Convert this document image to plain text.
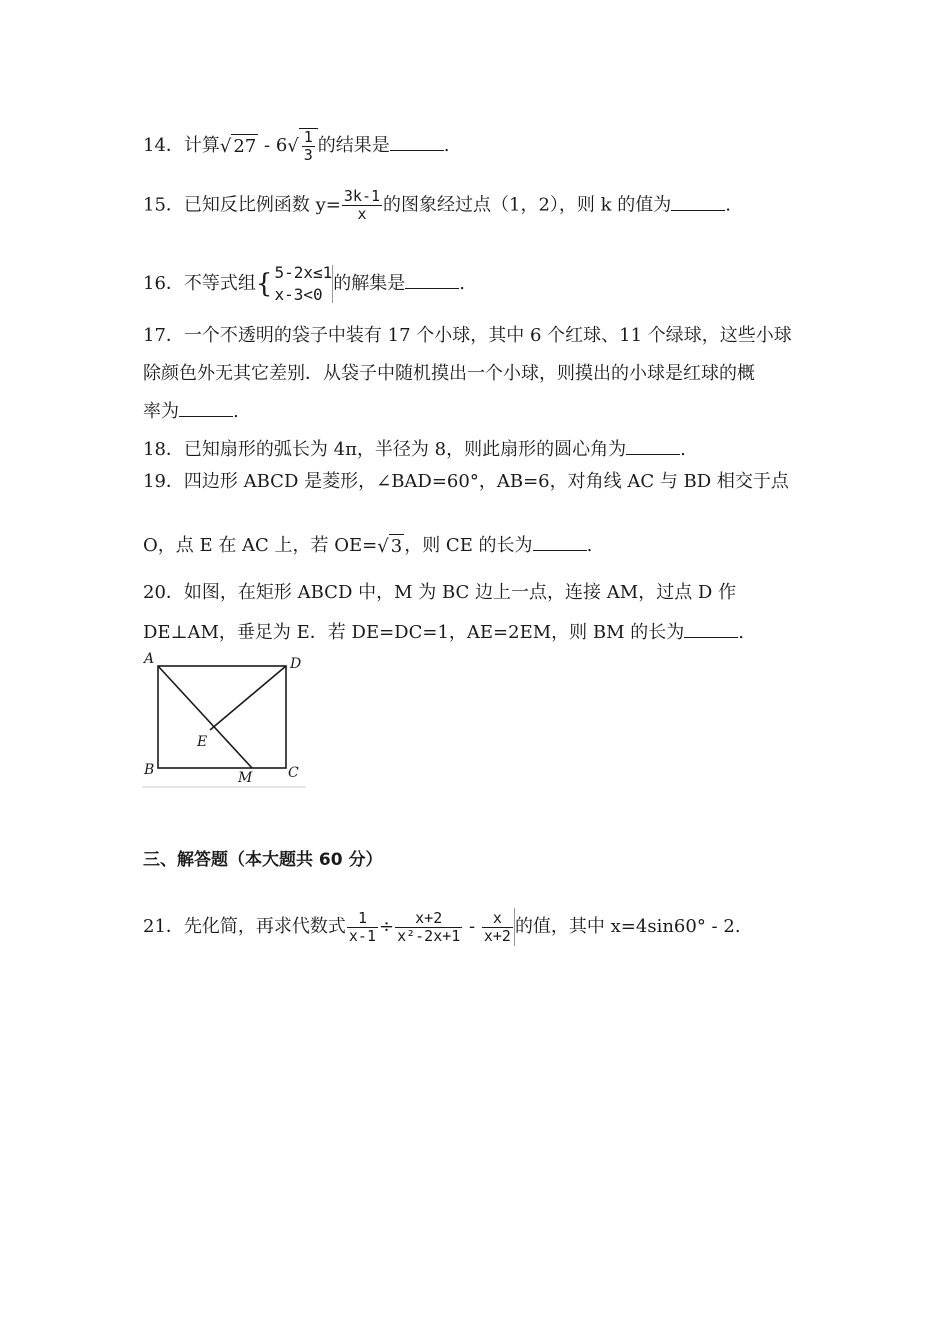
14．计算√ $27 - 6√ \frac{1}{3}$ 的结果是	.
15．已知反比例函数 $y= \frac{3k-1}{x}$ 的图象经过点（1，2），则 k 的值为	.
16．不等式组{ 5-2x≤1
x-3<0
的解集是	.
17．一个不透明的袋子中装有 17 个小球，其中 6 个红球、11 个绿球，这些小球
除颜色外无其它差别．从袋子中随机摸出一个小球，则摸出的小球是红球的概
率为	.
18．已知扇形的弧长为 4π，半径为 8，则此扇形的圆心角为	.
19．四边形 ABCD 是菱形，∠BAD=60°，AB=6，对角线 AC 与 BD 相交于点
O，点 E 在 AC 上，若 OE=√ 3 ，则 CE 的长为	.
20．如图，在矩形 ABCD 中，M 为 BC 边上一点，连接 AM，过点 D 作
DE⊥AM，垂足为 E．若 DE=DC=1，AE=2EM，则 BM 的长为	.
A	D
B	C
E
M
三、解答题（本大题共 60 分）
21．先化简，再求代数式 $\frac{1}{x-1} \div \frac{x+2}{\text{x²-2x+1}} - \frac{x}{x+2}$ 的值，其中 x=4sin60° - 2.
